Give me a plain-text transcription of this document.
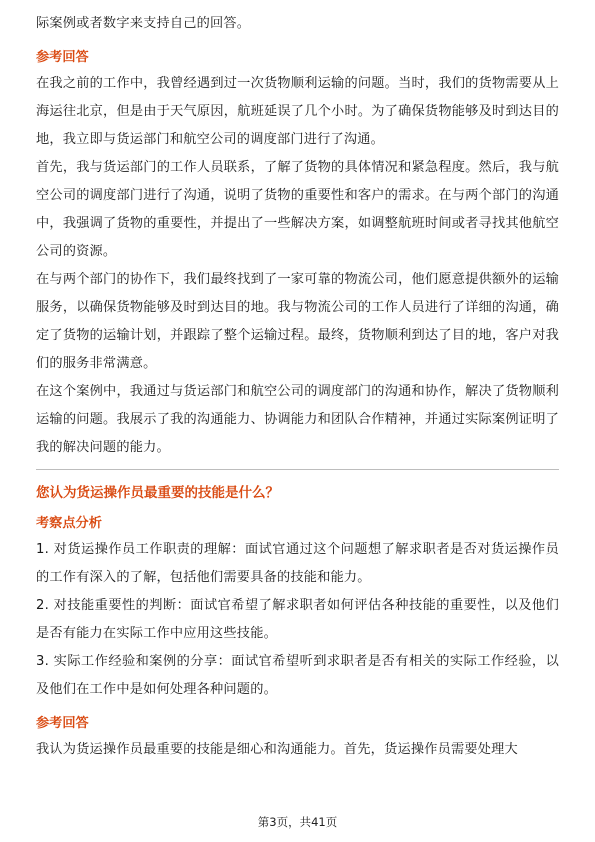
际案例或者数字来支持自己的回答。

参考回答

在我之前的工作中，我曾经遇到过一次货物顺利运输的问题。当时，我们的货物需要从上海运往北京，但是由于天气原因，航班延误了几个小时。为了确保货物能够及时到达目的地，我立即与货运部门和航空公司的调度部门进行了沟通。

首先，我与货运部门的工作人员联系，了解了货物的具体情况和紧急程度。然后，我与航空公司的调度部门进行了沟通，说明了货物的重要性和客户的需求。在与两个部门的沟通中，我强调了货物的重要性，并提出了一些解决方案，如调整航班时间或者寻找其他航空公司的资源。

在与两个部门的协作下，我们最终找到了一家可靠的物流公司，他们愿意提供额外的运输服务，以确保货物能够及时到达目的地。我与物流公司的工作人员进行了详细的沟通，确定了货物的运输计划，并跟踪了整个运输过程。最终，货物顺利到达了目的地，客户对我们的服务非常满意。

在这个案例中，我通过与货运部门和航空公司的调度部门的沟通和协作，解决了货物顺利运输的问题。我展示了我的沟通能力、协调能力和团队合作精神，并通过实际案例证明了我的解决问题的能力。

您认为货运操作员最重要的技能是什么？
考察点分析

1. 对货运操作员工作职责的理解：面试官通过这个问题想了解求职者是否对货运操作员的工作有深入的了解，包括他们需要具备的技能和能力。

2. 对技能重要性的判断：面试官希望了解求职者如何评估各种技能的重要性，以及他们是否有能力在实际工作中应用这些技能。

3. 实际工作经验和案例的分享：面试官希望听到求职者是否有相关的实际工作经验，以及他们在工作中是如何处理各种问题的。

参考回答

我认为货运操作员最重要的技能是细心和沟通能力。首先，货运操作员需要处理大

第3页，共41页
